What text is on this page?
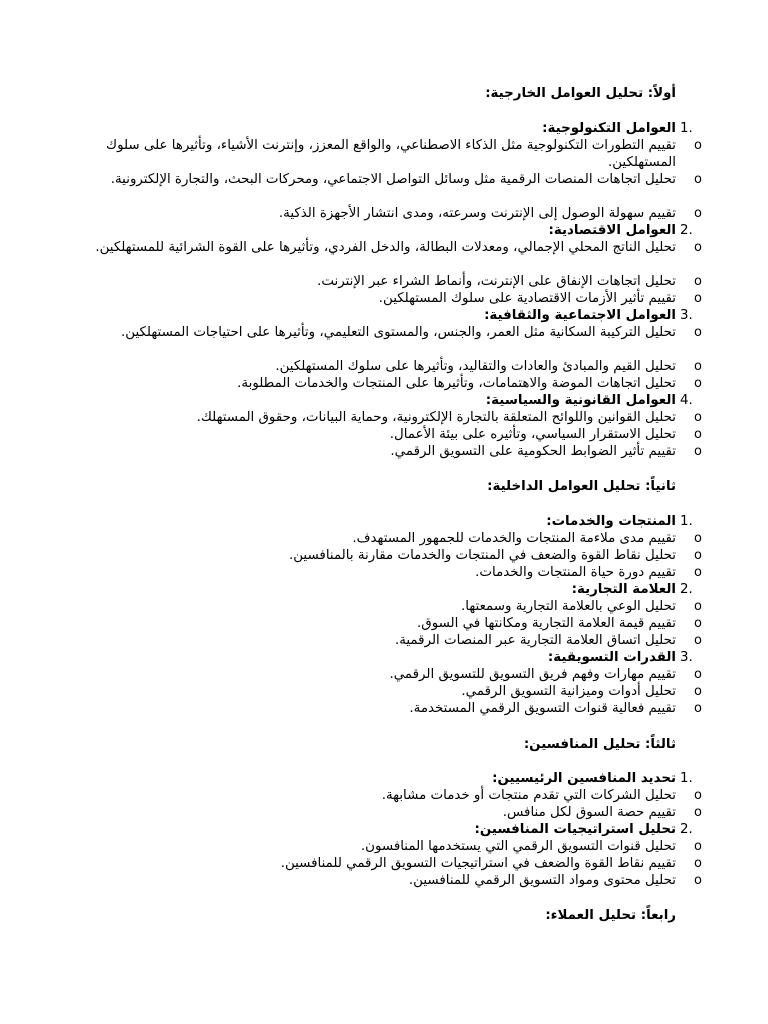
أولاً: تحليل العوامل الخارجية:
1.
العوامل التكنولوجية:
o
تقييم التطورات التكنولوجية مثل الذكاء الاصطناعي، والواقع المعزز، وإنترنت الأشياء، وتأثيرها على سلوك المستهلكين.
o
تحليل اتجاهات المنصات الرقمية مثل وسائل التواصل الاجتماعي، ومحركات البحث، والتجارة الإلكترونية.
o
تقييم سهولة الوصول إلى الإنترنت وسرعته، ومدى انتشار الأجهزة الذكية.
2.
العوامل الاقتصادية:
o
تحليل الناتج المحلي الإجمالي، ومعدلات البطالة، والدخل الفردي، وتأثيرها على القوة الشرائية للمستهلكين.
o
تحليل اتجاهات الإنفاق على الإنترنت، وأنماط الشراء عبر الإنترنت.
o
تقييم تأثير الأزمات الاقتصادية على سلوك المستهلكين.
3.
العوامل الاجتماعية والثقافية:
o
تحليل التركيبة السكانية مثل العمر، والجنس، والمستوى التعليمي، وتأثيرها على احتياجات المستهلكين.
o
تحليل القيم والمبادئ والعادات والتقاليد، وتأثيرها على سلوك المستهلكين.
o
تحليل اتجاهات الموضة والاهتمامات، وتأثيرها على المنتجات والخدمات المطلوبة.
4.
العوامل القانونية والسياسية:
o
تحليل القوانين واللوائح المتعلقة بالتجارة الإلكترونية، وحماية البيانات، وحقوق المستهلك.
o
تحليل الاستقرار السياسي، وتأثيره على بيئة الأعمال.
o
تقييم تأثير الضوابط الحكومية على التسويق الرقمي.
ثانياً: تحليل العوامل الداخلية:
1.
المنتجات والخدمات:
o
تقييم مدى ملاءمة المنتجات والخدمات للجمهور المستهدف.
o
تحليل نقاط القوة والضعف في المنتجات والخدمات مقارنة بالمنافسين.
o
تقييم دورة حياة المنتجات والخدمات.
2.
العلامة التجارية:
o
تحليل الوعي بالعلامة التجارية وسمعتها.
o
تقييم قيمة العلامة التجارية ومكانتها في السوق.
o
تحليل اتساق العلامة التجارية عبر المنصات الرقمية.
3.
القدرات التسويقية:
o
تقييم مهارات وفهم فريق التسويق للتسويق الرقمي.
o
تحليل أدوات وميزانية التسويق الرقمي.
o
تقييم فعالية قنوات التسويق الرقمي المستخدمة.
ثالثاً: تحليل المنافسين:
1.
تحديد المنافسين الرئيسيين:
o
تحليل الشركات التي تقدم منتجات أو خدمات مشابهة.
o
تقييم حصة السوق لكل منافس.
2.
تحليل استراتيجيات المنافسين:
o
تحليل قنوات التسويق الرقمي التي يستخدمها المنافسون.
o
تقييم نقاط القوة والضعف في استراتيجيات التسويق الرقمي للمنافسين.
o
تحليل محتوى ومواد التسويق الرقمي للمنافسين.
رابعاً: تحليل العملاء:
